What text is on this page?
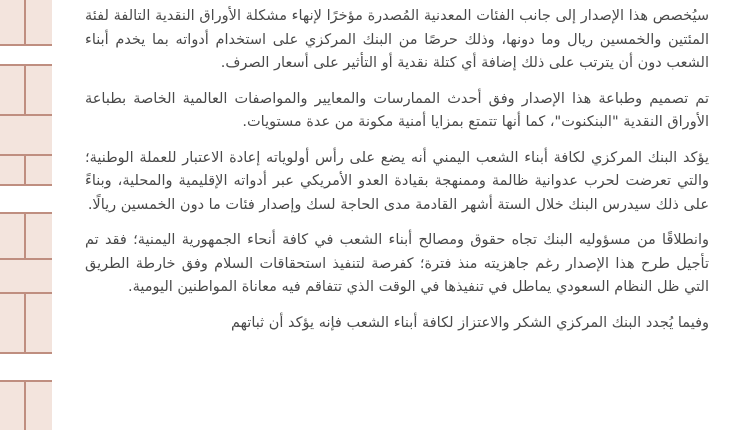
سيُخصص هذا الإصدار إلى جانب الفئات المعدنية المُصدرة مؤخرًا لإنهاء مشكلة الأوراق النقدية التالفة لفئة المئتين والخمسين ريال وما دونها، وذلك حرصًا من البنك المركزي على استخدام أدواته بما يخدم أبناء الشعب دون أن يترتب على ذلك إضافة أي كتلة نقدية أو التأثير على أسعار الصرف.

تم تصميم وطباعة هذا الإصدار وفق أحدث الممارسات والمعايير والمواصفات العالمية الخاصة بطباعة الأوراق النقدية "البنكنوت"، كما أنها تتمتع بمزايا أمنية مكونة من عدة مستويات.

يؤكد البنك المركزي لكافة أبناء الشعب اليمني أنه يضع على رأس أولوياته إعادة الاعتبار للعملة الوطنية؛ والتي تعرضت لحرب عدوانية ظالمة وممنهجة بقيادة العدو الأمريكي عبر أدواته الإقليمية والمحلية، وبناءً على ذلك سيدرس البنك خلال الستة أشهر القادمة مدى الحاجة لسك وإصدار فئات ما دون الخمسين ريالًا.

وانطلاقًا من مسؤوليه البنك تجاه حقوق ومصالح أبناء الشعب في كافة أنحاء الجمهورية اليمنية؛ فقد تم تأجيل طرح هذا الإصدار رغم جاهزيته منذ فترة؛ كفرصة لتنفيذ استحقاقات السلام وفق خارطة الطريق التي ظل النظام السعودي يماطل في تنفيذها في الوقت الذي تتفاقم فيه معاناة المواطنين اليومية.

وفيما يُجدد البنك المركزي الشكر والاعتزاز لكافة أبناء الشعب فإنه يؤكد أن ثباتهم
